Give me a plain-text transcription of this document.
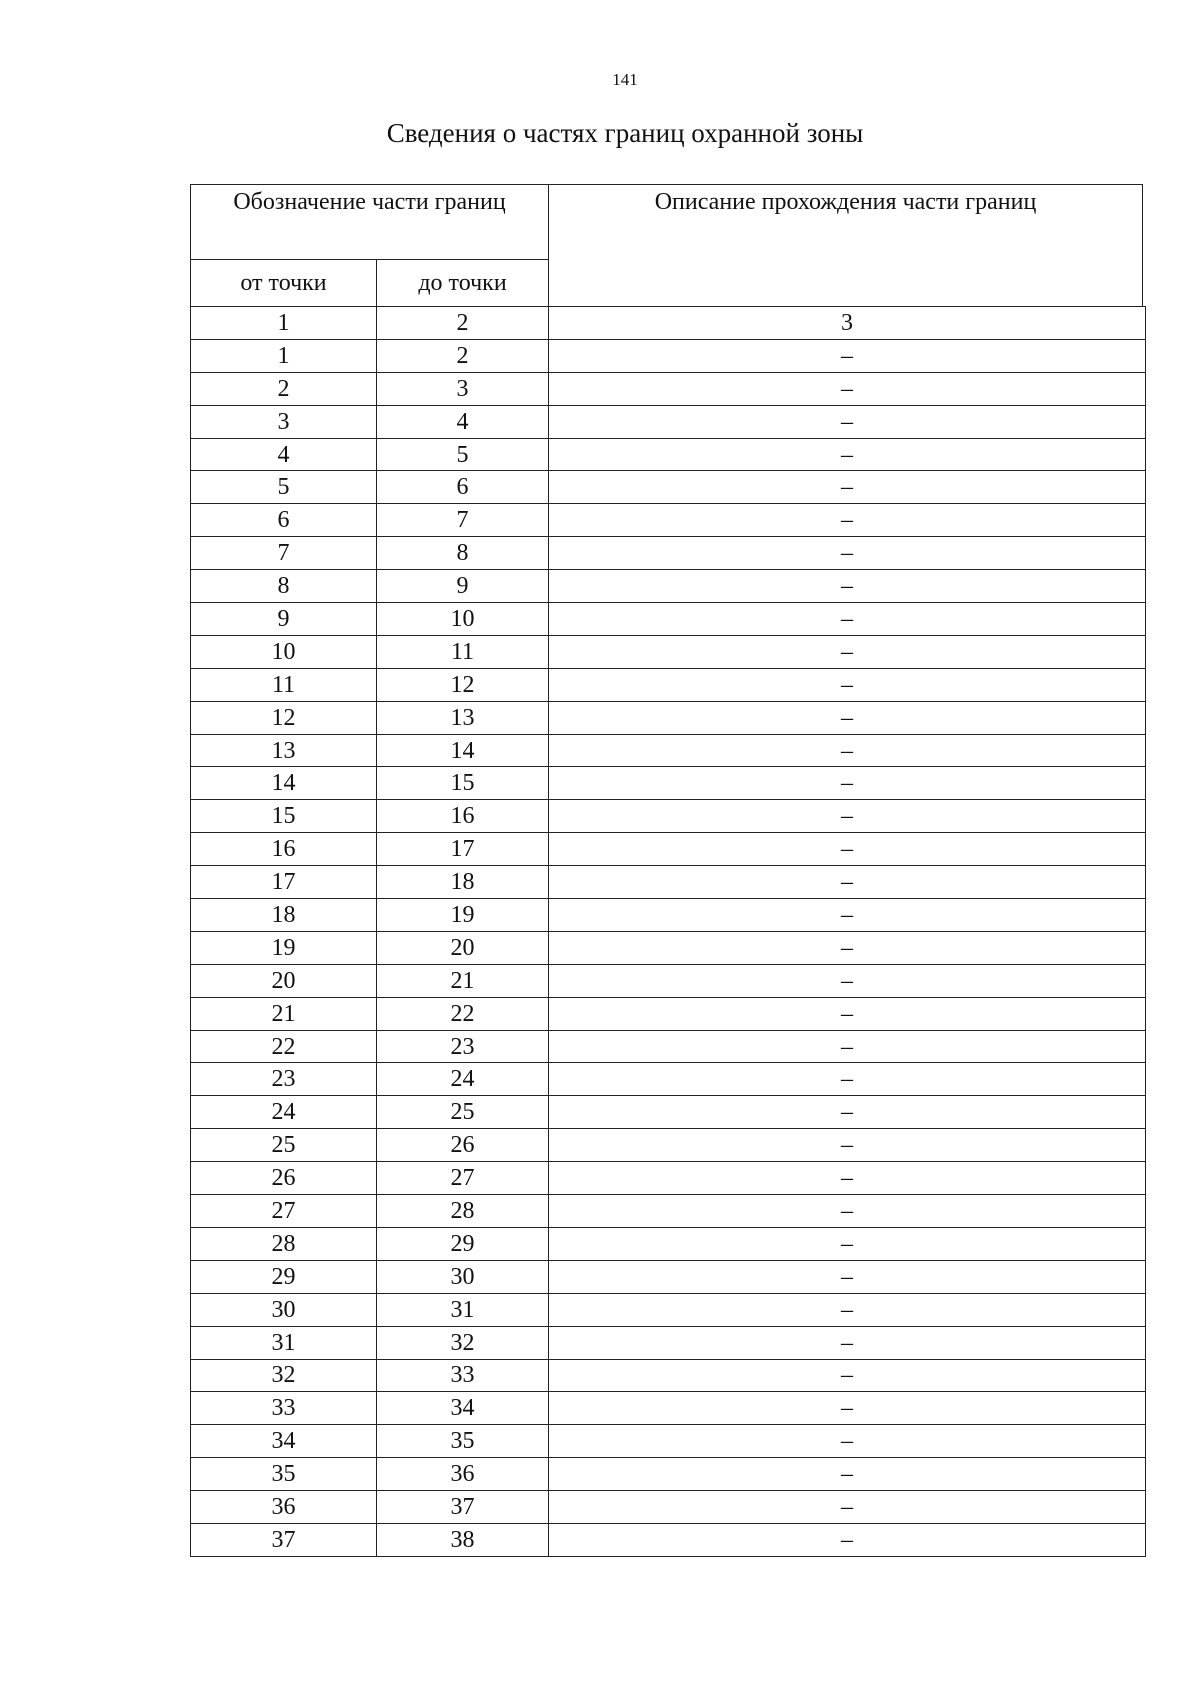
141
Сведения о частях границ охранной зоны
Обозначение части границ		Описание прохождения части границ
от точки	до точки	
1	2	3
1	2	–
2	3	–
3	4	–
4	5	–
5	6	–
6	7	–
7	8	–
8	9	–
9	10	–
10	11	–
11	12	–
12	13	–
13	14	–
14	15	–
15	16	–
16	17	–
17	18	–
18	19	–
19	20	–
20	21	–
21	22	–
22	23	–
23	24	–
24	25	–
25	26	–
26	27	–
27	28	–
28	29	–
29	30	–
30	31	–
31	32	–
32	33	–
33	34	–
34	35	–
35	36	–
36	37	–
37	38	–
